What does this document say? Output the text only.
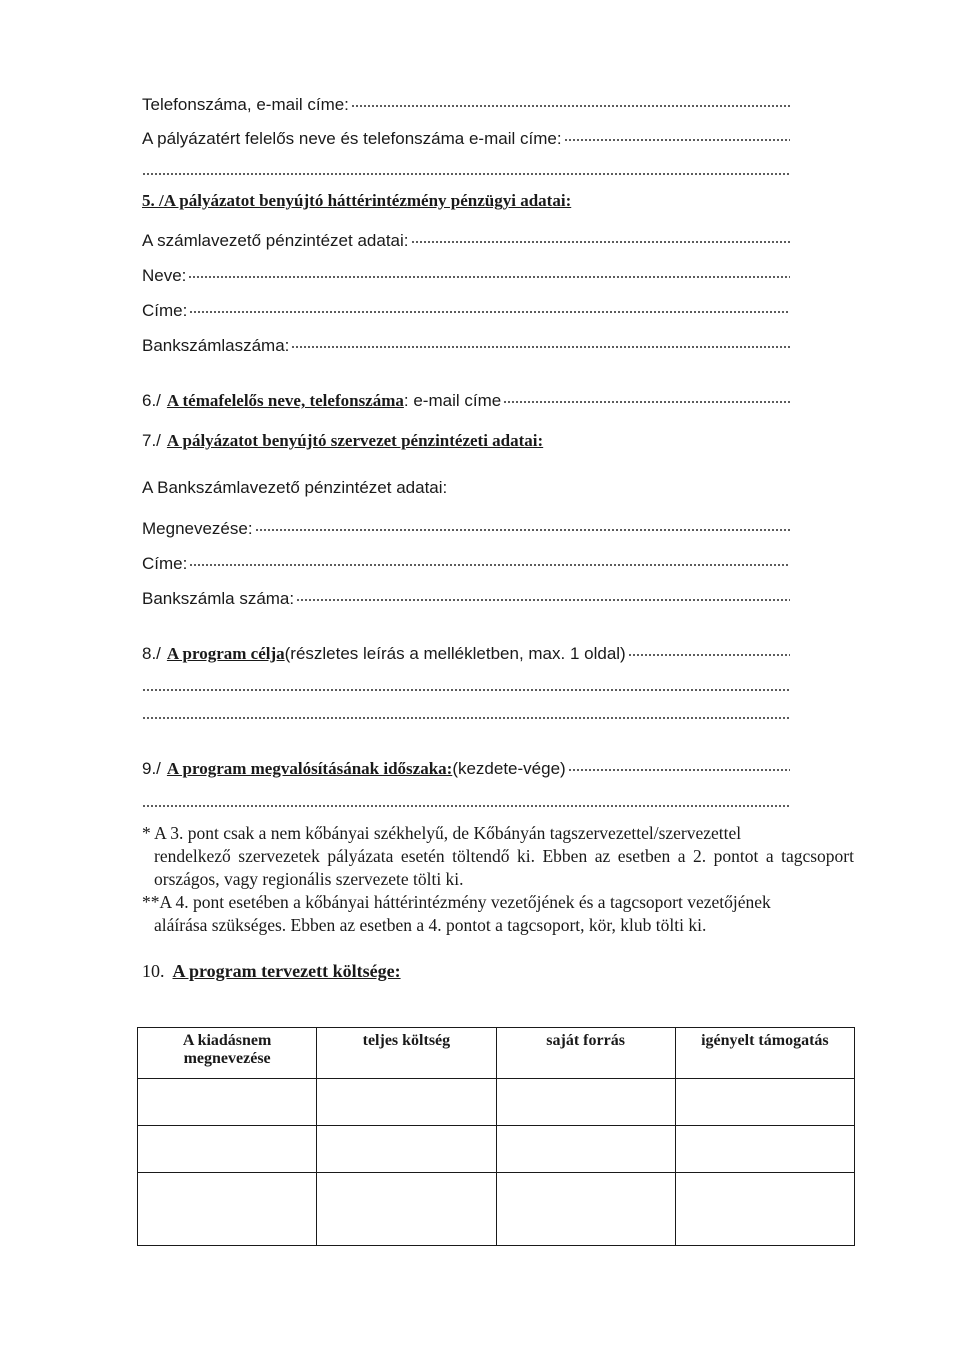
Telefonszáma, e-mail címe:
A pályázatért felelős neve és telefonszáma e-mail címe:
5. /A pályázatot benyújtó háttérintézmény pénzügyi adatai:
A számlavezető pénzintézet adatai:
Neve:
Címe:
Bankszámlaszáma:
6./ A témafelelős neve, telefonszáma : e-mail címe
7./ A pályázatot benyújtó szervezet pénzintézeti adatai:
A Bankszámlavezető pénzintézet adatai:
Megnevezése:
Címe:
Bankszámla száma:
8./ A program célja (részletes leírás a mellékletben, max. 1 oldal)
9./ A program megvalósításának időszaka: (kezdete-vége)
* A 3. pont csak a nem kőbányai székhelyű, de Kőbányán tagszervezettel/szervezettel
rendelkező szervezetek pályázata esetén töltendő ki. Ebben az esetben a 2. pontot a tagcsoport országos, vagy regionális szervezete tölti ki.
**A 4. pont esetében a kőbányai háttérintézmény vezetőjének és a tagcsoport vezetőjének
aláírása szükséges. Ebben az esetben a 4. pontot a tagcsoport, kör, klub tölti ki.
10. A program tervezett költsége:
A kiadásnem megnevezése	teljes költség	saját forrás	igényelt támogatás
